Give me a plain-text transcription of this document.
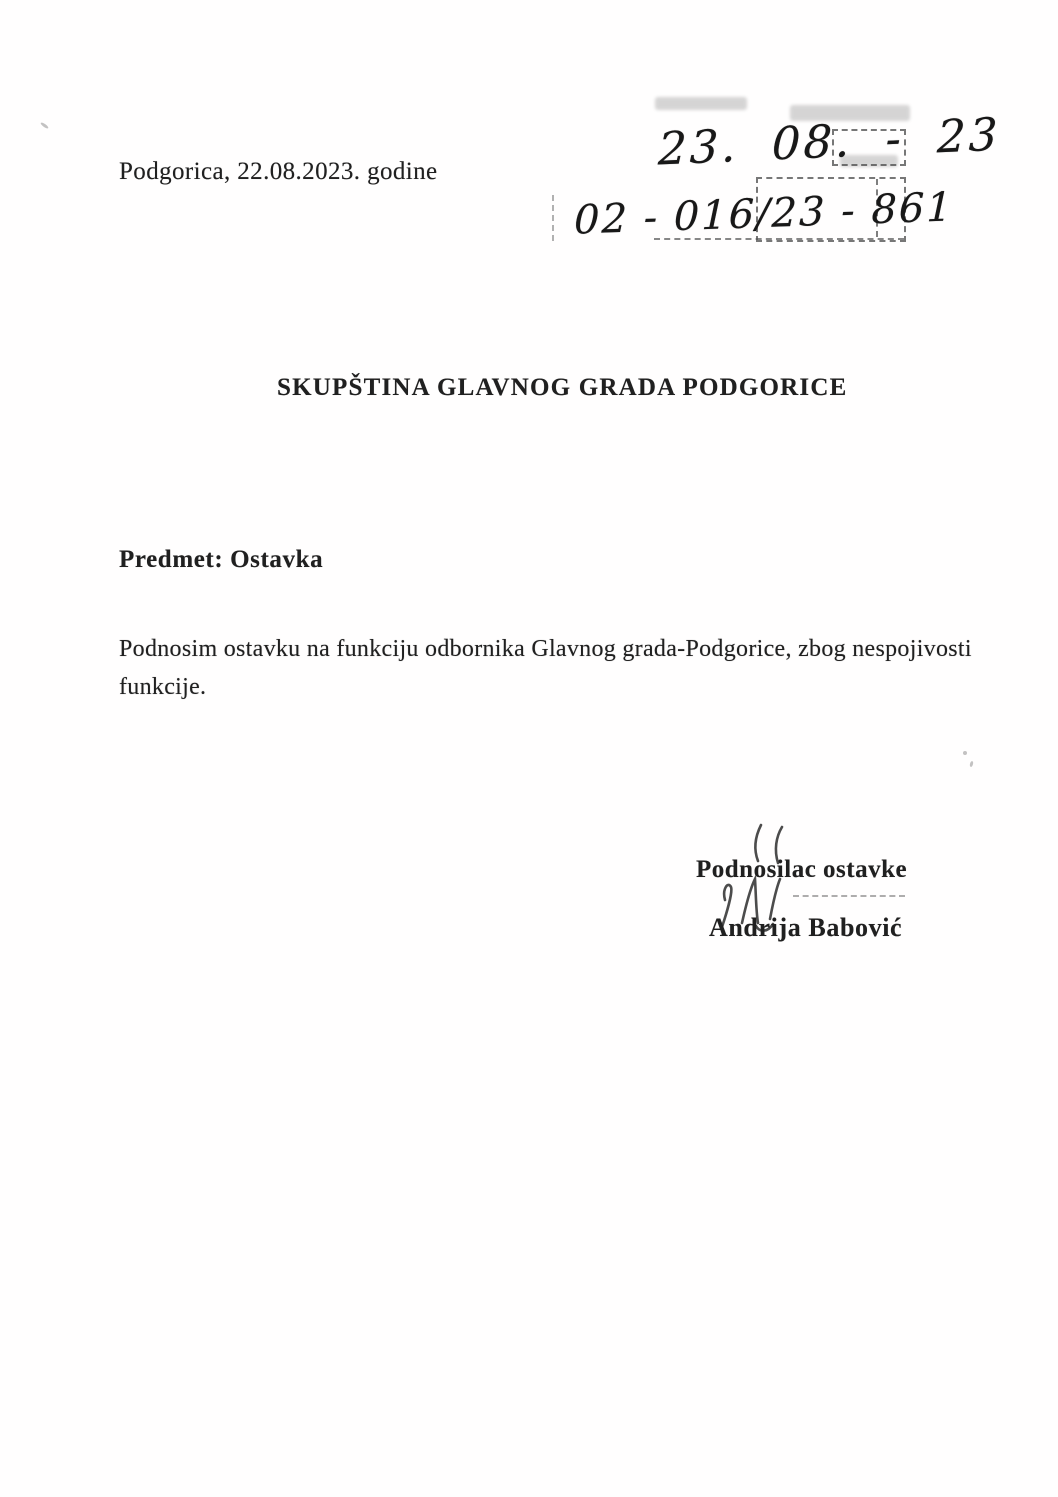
Podgorica, 22.08.2023. godine	23. 08. - 23
02 - 016/23 - 861
SKUPŠTINA GLAVNOG GRADA PODGORICE
Predmet: Ostavka
Podnosim ostavku na funkciju odbornika Glavnog grada-Podgorice, zbog nespojivosti funkcije.
Podnosilac ostavke
Andrija Babović
